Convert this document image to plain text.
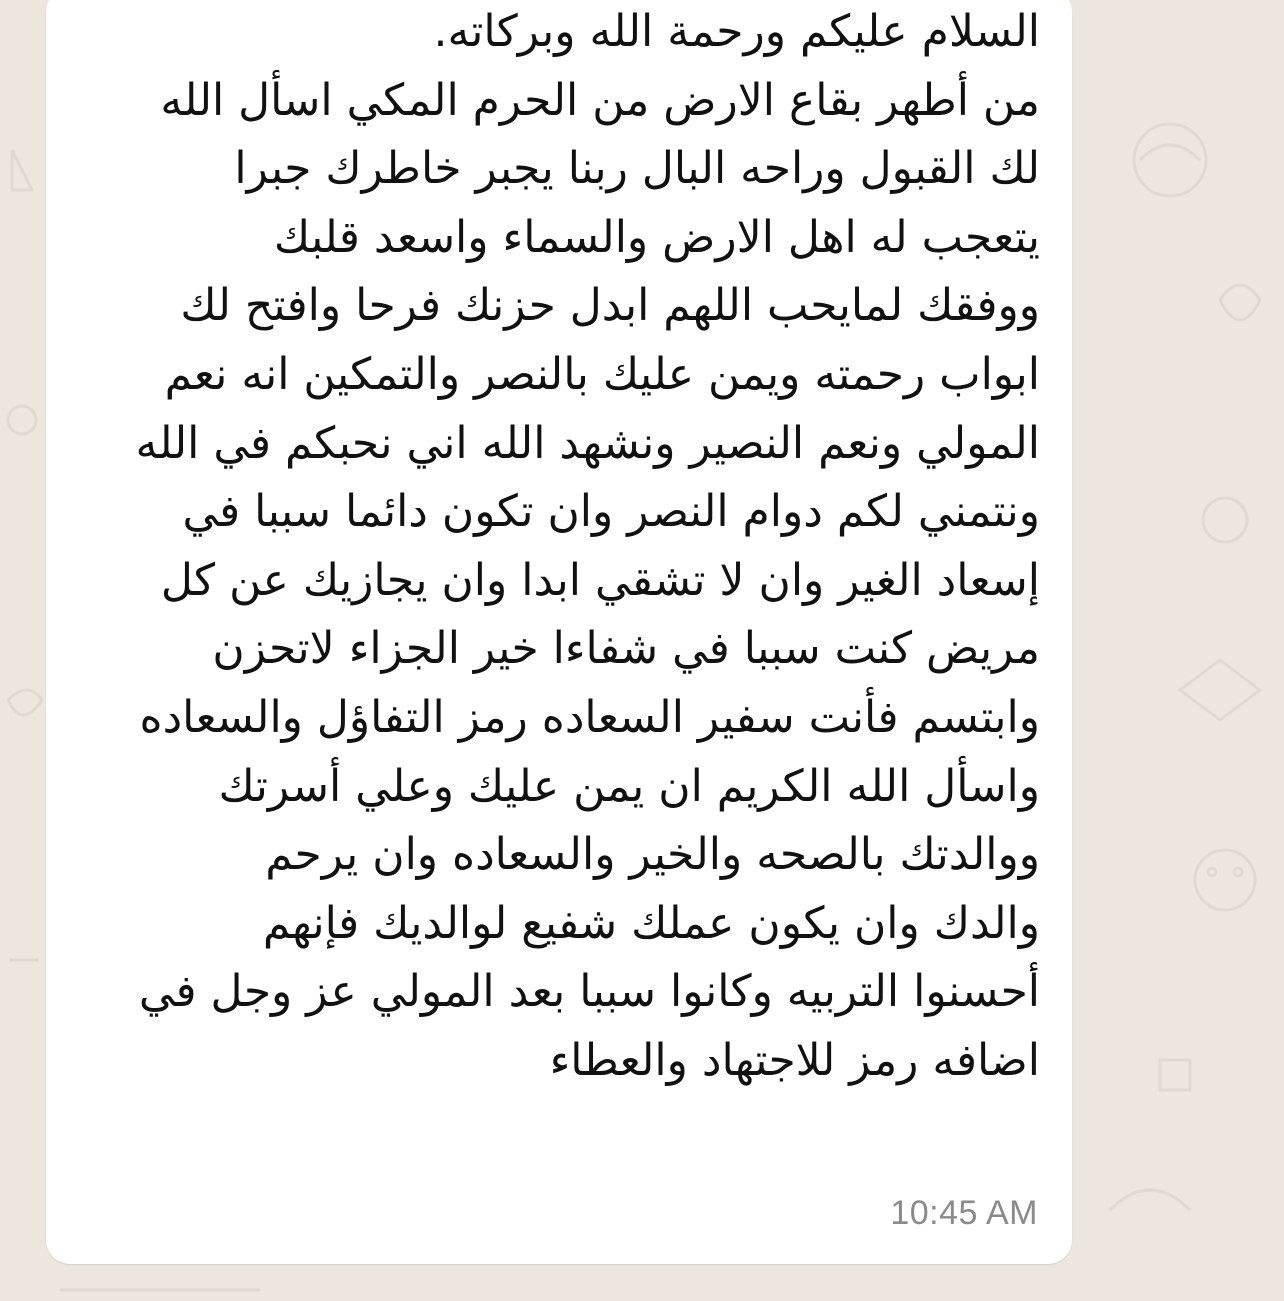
السلام عليكم ورحمة الله وبركاته.
من أطهر بقاع الارض من الحرم المكي اسأل الله
لك القبول وراحه البال ربنا يجبر خاطرك جبرا
يتعجب له اهل الارض والسماء واسعد قلبك
ووفقك لمايحب اللهم ابدل حزنك فرحا وافتح لك
ابواب رحمته ويمن عليك بالنصر والتمكين انه نعم
المولي ونعم النصير ونشهد الله اني نحبكم في الله
ونتمني لكم دوام النصر وان تكون دائما سببا في
إسعاد الغير وان لا تشقي ابدا وان يجازيك عن كل
مريض كنت سببا في شفاءا خير الجزاء لاتحزن
وابتسم فأنت سفير السعاده رمز التفاؤل والسعاده
واسأل الله الكريم ان يمن عليك وعلي أسرتك
ووالدتك بالصحه والخير والسعاده وان يرحم
والدك وان يكون عملك شفيع لوالديك فإنهم
أحسنوا التربيه وكانوا سببا بعد المولي عز وجل في
اضافه رمز للاجتهاد والعطاء
10:45 AM
